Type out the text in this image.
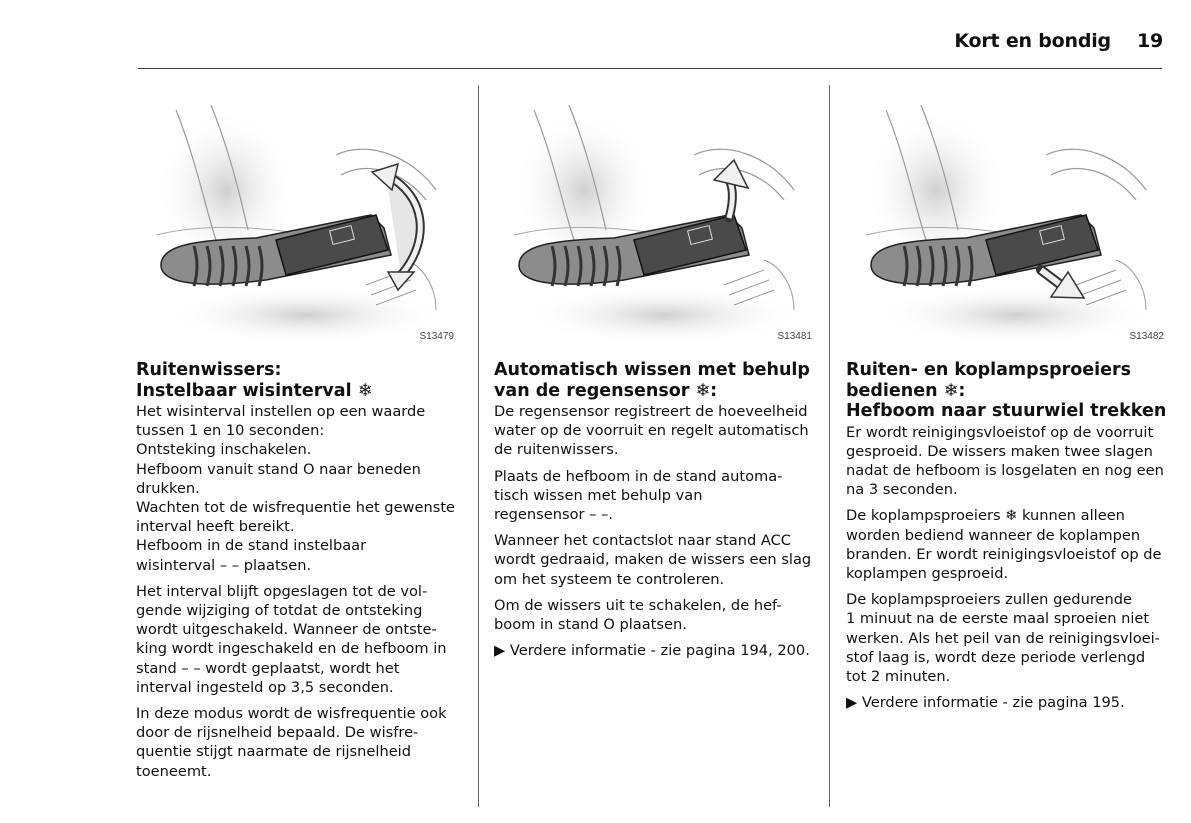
Kort en bondig 19
S13479
Ruitenwissers:
Instelbaar wisinterval ❄

Het wisinterval instellen op een waarde
tussen 1 en 10 seconden:
Ontsteking inschakelen.
Hefboom vanuit stand O naar beneden
drukken.
Wachten tot de wisfrequentie het gewenste
interval heeft bereikt.
Hefboom in de stand instelbaar
wisinterval – – plaatsen.

Het interval blijft opgeslagen tot de vol-
gende wijziging of totdat de ontsteking
wordt uitgeschakeld. Wanneer de ontste-
king wordt ingeschakeld en de hefboom in
stand – – wordt geplaatst, wordt het
interval ingesteld op 3,5 seconden.

In deze modus wordt de wisfrequentie ook
door de rijsnelheid bepaald. De wisfre-
quentie stijgt naarmate de rijsnelheid
toeneemt.

S13481
Automatisch wissen met behulp
van de regensensor ❄:

De regensensor registreert de hoeveelheid
water op de voorruit en regelt automatisch
de ruitenwissers.

Plaats de hefboom in de stand automa-
tisch wissen met behulp van
regensensor – –.

Wanneer het contactslot naar stand ACC
wordt gedraaid, maken de wissers een slag
om het systeem te controleren.

Om de wissers uit te schakelen, de hef-
boom in stand O plaatsen.

▶ Verdere informatie - zie pagina 194, 200.

S13482
Ruiten- en koplampsproeiers
bedienen ❄:
Hefboom naar stuurwiel trekken

Er wordt reinigingsvloeistof op de voorruit
gesproeid. De wissers maken twee slagen
nadat de hefboom is losgelaten en nog een
na 3 seconden.

De koplampsproeiers ❄ kunnen alleen
worden bediend wanneer de koplampen
branden. Er wordt reinigingsvloeistof op de
koplampen gesproeid.

De koplampsproeiers zullen gedurende
1 minuut na de eerste maal sproeien niet
werken. Als het peil van de reinigingsvloei-
stof laag is, wordt deze periode verlengd
tot 2 minuten.

▶ Verdere informatie - zie pagina 195.
